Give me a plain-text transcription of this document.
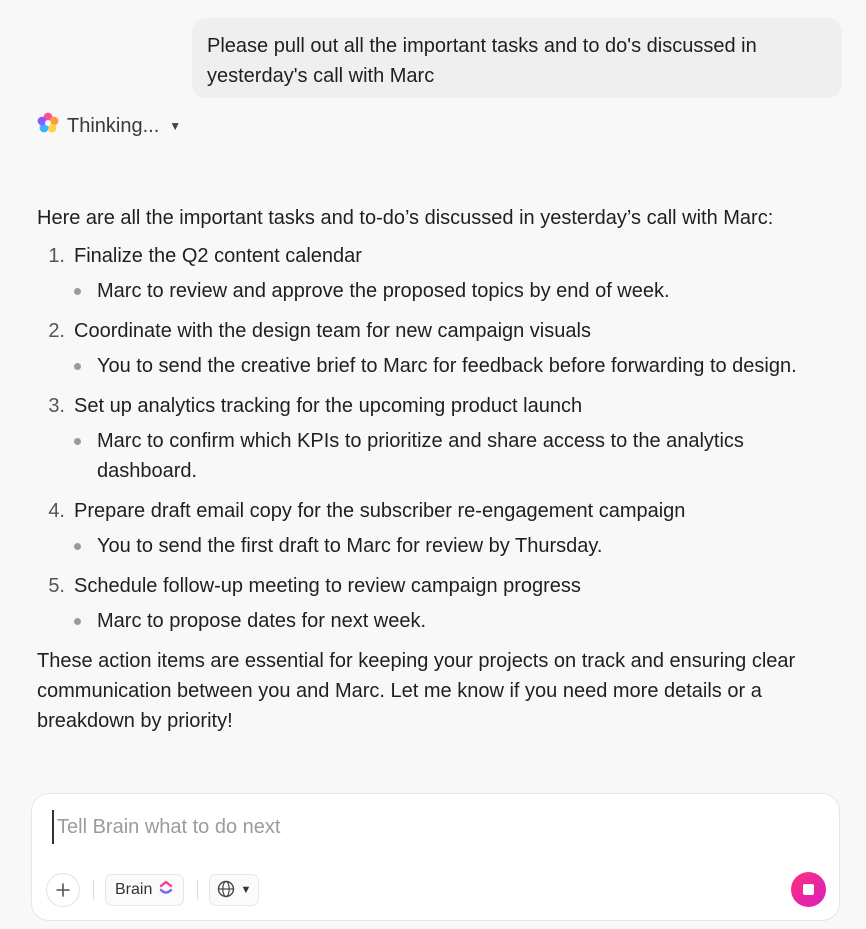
Please pull out all the important tasks and to do's discussed in yesterday's call with Marc
Thinking... ▼

Here are all the important tasks and to-do’s discussed in yesterday’s call with Marc:

1. Finalize the Q2 content calendar
Marc to review and approve the proposed topics by end of week.
2. Coordinate with the design team for new campaign visuals
You to send the creative brief to Marc for feedback before forwarding to design.
3. Set up analytics tracking for the upcoming product launch
Marc to confirm which KPIs to prioritize and share access to the analytics dashboard.
4. Prepare draft email copy for the subscriber re-engagement campaign
You to send the first draft to Marc for review by Thursday.
5. Schedule follow-up meeting to review campaign progress
Marc to propose dates for next week.

These action items are essential for keeping your projects on track and ensuring clear communication between you and Marc. Let me know if you need more details or a breakdown by priority!

Tell Brain what to do next
Brain	▼
